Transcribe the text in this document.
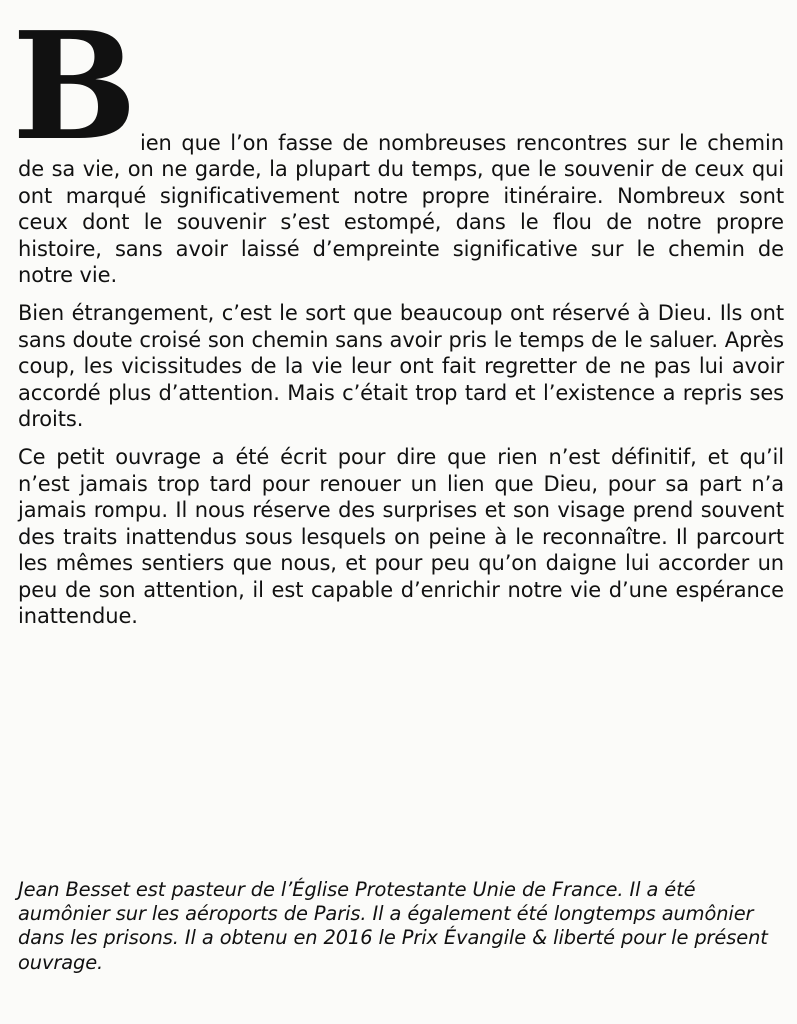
B ien que l’on fasse de nombreuses rencontres sur le chemin de sa vie, on ne garde, la plupart du temps, que le souvenir de ceux qui ont marqué significativement notre propre itinéraire. Nombreux sont ceux dont le souvenir s’est estompé, dans le flou de notre propre histoire, sans avoir laissé d’empreinte significative sur le chemin de notre vie.

Bien étrangement, c’est le sort que beaucoup ont réservé à Dieu. Ils ont sans doute croisé son chemin sans avoir pris le temps de le saluer. Après coup, les vicissitudes de la vie leur ont fait regretter de ne pas lui avoir accordé plus d’attention. Mais c’était trop tard et l’existence a repris ses droits.

Ce petit ouvrage a été écrit pour dire que rien n’est définitif, et qu’il n’est jamais trop tard pour renouer un lien que Dieu, pour sa part n’a jamais rompu. Il nous réserve des surprises et son visage prend souvent des traits inattendus sous lesquels on peine à le reconnaître. Il parcourt les mêmes sentiers que nous, et pour peu qu’on daigne lui accorder un peu de son attention, il est capable d’enrichir notre vie d’une espérance inattendue.

Jean Besset est pasteur de l’Église Protestante Unie de France. Il a été aumônier sur les aéroports de Paris. Il a également été longtemps aumônier dans les prisons. Il a obtenu en 2016 le Prix Évangile & liberté pour le présent ouvrage.
